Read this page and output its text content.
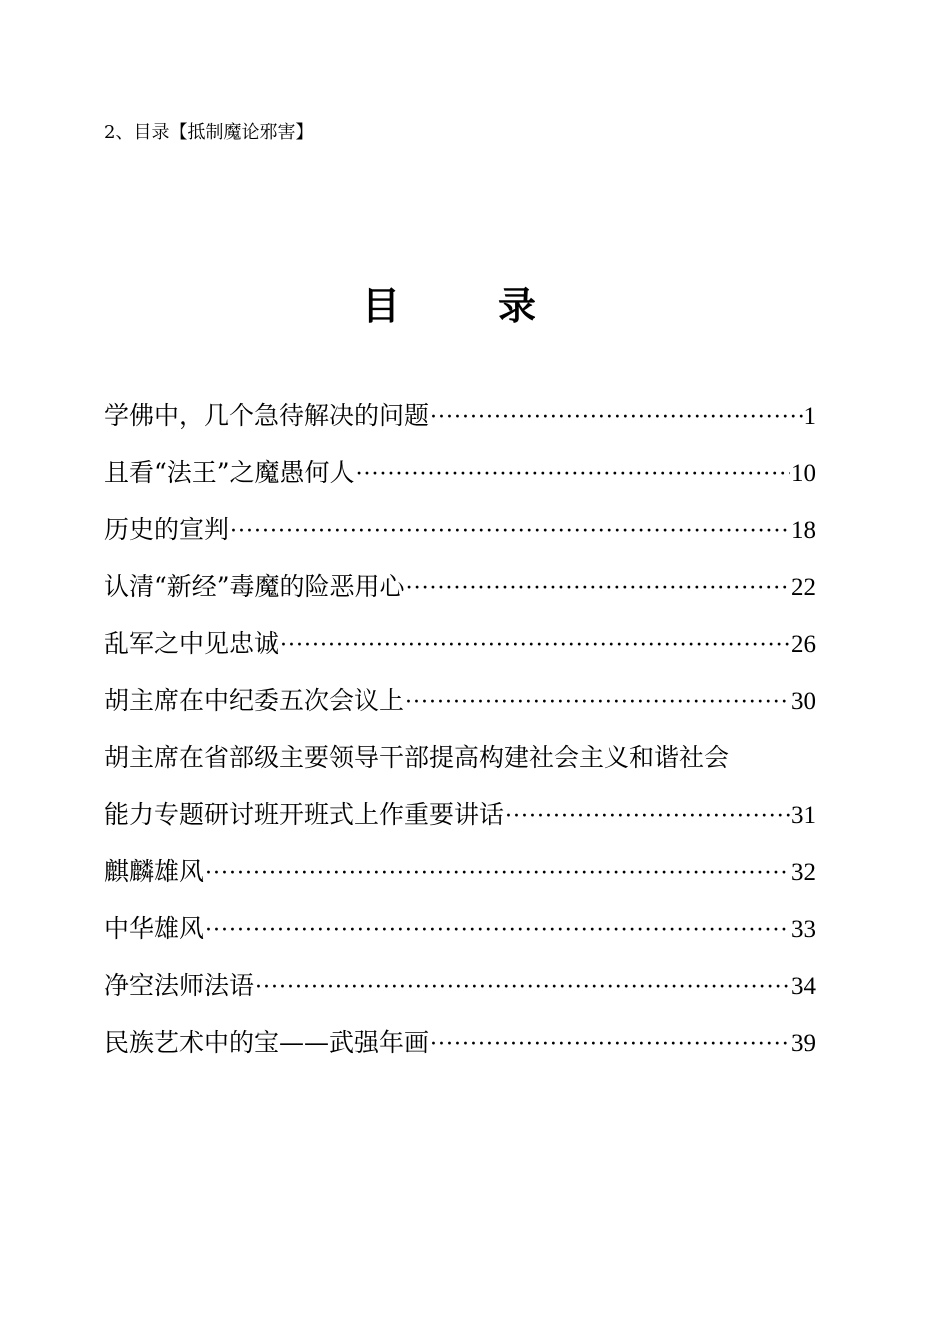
2、目录【抵制魔论邪害】
目	录
学佛中，几个急待解决的问题 ·····	1
且看“法王”之魔愚何人 ·····	10
历史的宣判 ·····	18
认清“新经”毒魔的险恶用心 ·····	22
乱军之中见忠诚 ·····	26
胡主席在中纪委五次会议上 ·····	30
胡主席在省部级主要领导干部提高构建社会主义和谐社会
能力专题研讨班开班式上作重要讲话 ·····	31
麒麟雄风 ·····	32
中华雄风 ·····	33
净空法师法语 ·····	34
民族艺术中的宝——武强年画 ·····	39
